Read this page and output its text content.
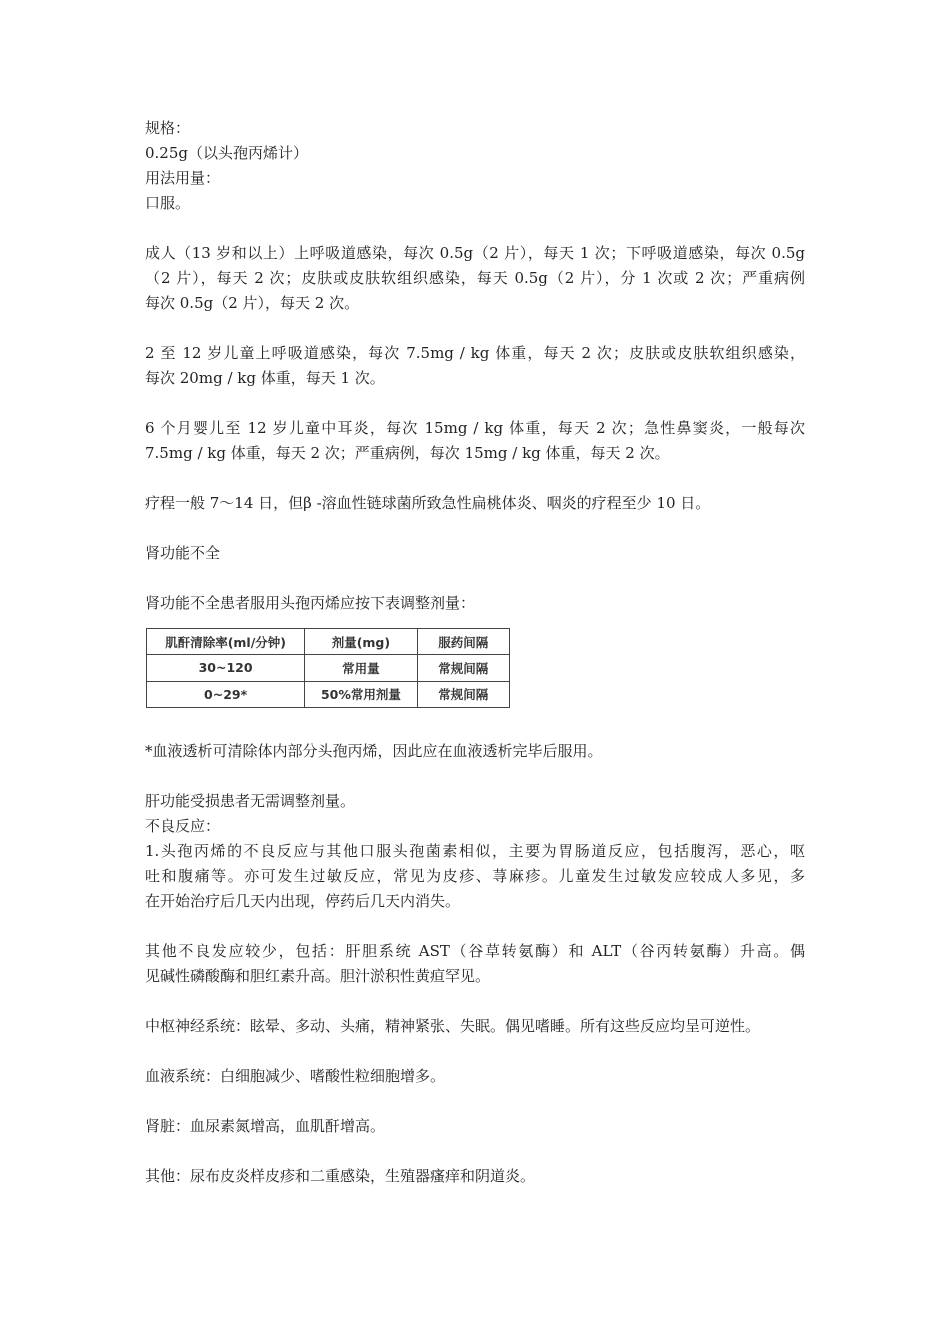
规格：
0.25g（以头孢丙烯计）
用法用量：
口服。
成人（13 岁和以上）上呼吸道感染，每次 0.5g（2 片），每天 1 次；下呼吸道感染，每次 0.5g
（2 片），每天 2 次；皮肤或皮肤软组织感染，每天 0.5g（2 片），分 1 次或 2 次；严重病例
每次 0.5g（2 片），每天 2 次。
2 至 12 岁儿童上呼吸道感染，每次 7.5mg / kg 体重，每天 2 次；皮肤或皮肤软组织感染，
每次 20mg / kg 体重，每天 1 次。
6 个月婴儿至 12 岁儿童中耳炎，每次 15mg / kg 体重，每天 2 次；急性鼻窦炎，一般每次
7.5mg / kg 体重，每天 2 次；严重病例，每次 15mg / kg 体重，每天 2 次。
疗程一般 7～14 日，但β -溶血性链球菌所致急性扁桃体炎、咽炎的疗程至少 10 日。
肾功能不全
肾功能不全患者服用头孢丙烯应按下表调整剂量：
肌酐清除率(ml/分钟)	剂量(mg)	服药间隔
30~120	常用量	常规间隔
0~29*	50%常用剂量	常规间隔
*血液透析可清除体内部分头孢丙烯，因此应在血液透析完毕后服用。
肝功能受损患者无需调整剂量。
不良反应：
1.头孢丙烯的不良反应与其他口服头孢菌素相似，主要为胃肠道反应，包括腹泻，恶心，呕
吐和腹痛等。亦可发生过敏反应，常见为皮疹、荨麻疹。儿童发生过敏发应较成人多见，多
在开始治疗后几天内出现，停药后几天内消失。
其他不良发应较少，包括：肝胆系统 AST（谷草转氨酶）和 ALT（谷丙转氨酶）升高。偶
见碱性磷酸酶和胆红素升高。胆汁淤积性黄疸罕见。
中枢神经系统：眩晕、多动、头痛，精神紧张、失眠。偶见嗜睡。所有这些反应均呈可逆性。
血液系统：白细胞减少、嗜酸性粒细胞增多。
肾脏：血尿素氮增高，血肌酐增高。
其他：尿布皮炎样皮疹和二重感染，生殖器瘙痒和阴道炎。
